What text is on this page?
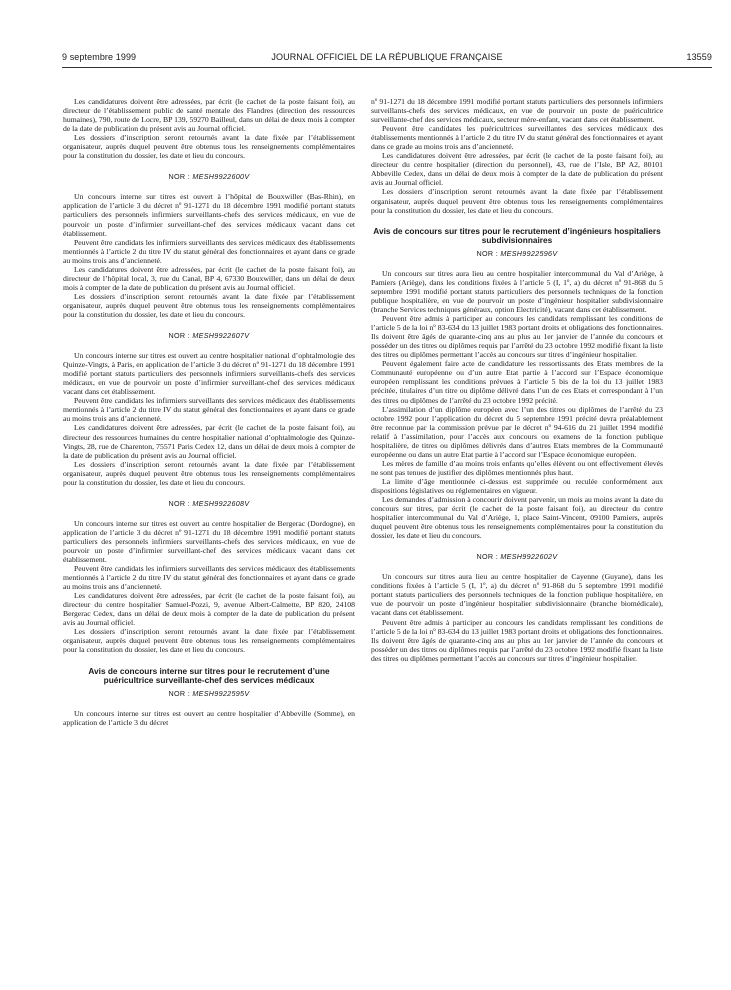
9 septembre 1999	JOURNAL OFFICIEL DE LA RÉPUBLIQUE FRANÇAISE	13559

Les candidatures doivent être adressées, par écrit (le cachet de la poste faisant foi), au directeur de l’établissement public de santé mentale des Flandres (direction des ressources humaines), 790, route de Locre, BP 139, 59270 Bailleul, dans un délai de deux mois à compter de la date de publication du présent avis au Journal officiel.

Les dossiers d’inscription seront retournés avant la date fixée par l’établissement organisateur, auprès duquel peuvent être obtenus tous les renseignements complémentaires pour la constitution du dossier, les date et lieu du concours.

NOR : MESH9922600V

Un concours interne sur titres est ouvert à l’hôpital de Bouxwiller (Bas-Rhin), en application de l’article 3 du décret nº 91-1271 du 18 décembre 1991 modifié portant statuts particuliers des personnels infirmiers surveillants-chefs des services médicaux, en vue de pourvoir un poste d’infirmier surveillant-chef des services médicaux vacant dans cet établissement.

Peuvent être candidats les infirmiers surveillants des services médicaux des établissements mentionnés à l’article 2 du titre IV du statut général des fonctionnaires et ayant dans ce grade au moins trois ans d’ancienneté.

Les candidatures doivent être adressées, par écrit (le cachet de la poste faisant foi), au directeur de l’hôpital local, 3, rue du Canal, BP 4, 67330 Bouxwiller, dans un délai de deux mois à compter de la date de publication du présent avis au Journal officiel.

Les dossiers d’inscription seront retournés avant la date fixée par l’établissement organisateur, auprès duquel peuvent être obtenus tous les renseignements complémentaires pour la constitution du dossier, les date et lieu du concours.

NOR : MESH9922607V

Un concours interne sur titres est ouvert au centre hospitalier national d’ophtalmologie des Quinze-Vingts, à Paris, en application de l’article 3 du décret nº 91-1271 du 18 décembre 1991 modifié portant statuts particuliers des personnels infirmiers surveillants-chefs des services médicaux, en vue de pourvoir un poste d’infirmier surveillant-chef des services médicaux vacant dans cet établissement.

Peuvent être candidats les infirmiers surveillants des services médicaux des établissements mentionnés à l’article 2 du titre IV du statut général des fonctionnaires et ayant dans ce grade au moins trois ans d’ancienneté.

Les candidatures doivent être adressées, par écrit (le cachet de la poste faisant foi), au directeur des ressources humaines du centre hospitalier national d’ophtalmologie des Quinze-Vingts, 28, rue de Charenton, 75571 Paris Cedex 12, dans un délai de deux mois à compter de la date de publication du présent avis au Journal officiel.

Les dossiers d’inscription seront retournés avant la date fixée par l’établissement organisateur, auprès duquel peuvent être obtenus tous les renseignements complémentaires pour la constitution du dossier, les date et lieu du concours.

NOR : MESH9922608V

Un concours interne sur titres est ouvert au centre hospitalier de Bergerac (Dordogne), en application de l’article 3 du décret nº 91-1271 du 18 décembre 1991 modifié portant statuts particuliers des personnels infirmiers surveillants-chefs des services médicaux, en vue de pourvoir un poste d’infirmier surveillant-chef des services médicaux vacant dans cet établissement.

Peuvent être candidats les infirmiers surveillants des services médicaux des établissements mentionnés à l’article 2 du titre IV du statut général des fonctionnaires et ayant dans ce grade au moins trois ans d’ancienneté.

Les candidatures doivent être adressées, par écrit (le cachet de la poste faisant foi), au directeur du centre hospitalier Samuel-Pozzi, 9, avenue Albert-Calmette, BP 820, 24108 Bergerac Cedex, dans un délai de deux mois à compter de la date de publication du présent avis au Journal officiel.

Les dossiers d’inscription seront retournés avant la date fixée par l’établissement organisateur, auprès duquel peuvent être obtenus tous les renseignements complémentaires pour la constitution du dossier, les date et lieu du concours.

Avis de concours interne sur titres pour le recrutement d’une puéricultrice surveillante-chef des services médicaux
NOR : MESH9922595V

Un concours interne sur titres est ouvert au centre hospitalier d’Abbeville (Somme), en application de l’article 3 du décret

nº 91-1271 du 18 décembre 1991 modifié portant statuts particuliers des personnels infirmiers surveillants-chefs des services médicaux, en vue de pourvoir un poste de puéricultrice surveillante-chef des services médicaux, secteur mère-enfant, vacant dans cet établissement.

Peuvent être candidates les puéricultrices surveillantes des services médicaux des établissements mentionnés à l’article 2 du titre IV du statut général des fonctionnaires et ayant dans ce grade au moins trois ans d’ancienneté.

Les candidatures doivent être adressées, par écrit (le cachet de la poste faisant foi), au directeur du centre hospitalier (direction du personnel), 43, rue de l’Isle, BP A2, 80101 Abbeville Cedex, dans un délai de deux mois à compter de la date de publication du présent avis au Journal officiel.

Les dossiers d’inscription seront retournés avant la date fixée par l’établissement organisateur, auprès duquel peuvent être obtenus tous les renseignements complémentaires pour la constitution du dossier, les date et lieu du concours.

Avis de concours sur titres pour le recrutement d’ingénieurs hospitaliers subdivisionnaires
NOR : MESH9922596V

Un concours sur titres aura lieu au centre hospitalier intercommunal du Val d’Ariège, à Pamiers (Ariège), dans les conditions fixées à l’article 5 (I, 1º, a) du décret nº 91-868 du 5 septembre 1991 modifié portant statuts particuliers des personnels techniques de la fonction publique hospitalière, en vue de pourvoir un poste d’ingénieur hospitalier subdivisionnaire (branche Services techniques généraux, option Electricité), vacant dans cet établissement.

Peuvent être admis à participer au concours les candidats remplissant les conditions de l’article 5 de la loi nº 83-634 du 13 juillet 1983 portant droits et obligations des fonctionnaires. Ils doivent être âgés de quarante-cinq ans au plus au 1er janvier de l’année du concours et posséder un des titres ou diplômes requis par l’arrêté du 23 octobre 1992 modifié fixant la liste des titres ou diplômes permettant l’accès au concours sur titres d’ingénieur hospitalier.

Peuvent également faire acte de candidature les ressortissants des Etats membres de la Communauté européenne ou d’un autre Etat partie à l’accord sur l’Espace économique européen remplissant les conditions prévues à l’article 5 bis de la loi du 13 juillet 1983 précitée, titulaires d’un titre ou diplôme délivré dans l’un de ces Etats et correspondant à l’un des titres ou diplômes de l’arrêté du 23 octobre 1992 précité.

L’assimilation d’un diplôme européen avec l’un des titres ou diplômes de l’arrêté du 23 octobre 1992 pour l’application du décret du 5 septembre 1991 précité devra préalablement être reconnue par la commission prévue par le décret nº 94-616 du 21 juillet 1994 modifié relatif à l’assimilation, pour l’accès aux concours ou examens de la fonction publique hospitalière, de titres ou diplômes délivrés dans d’autres Etats membres de la Communauté européenne ou dans un autre Etat partie à l’accord sur l’Espace économique européen.

Les mères de famille d’au moins trois enfants qu’elles élèvent ou ont effectivement élevés ne sont pas tenues de justifier des diplômes mentionnés plus haut.

La limite d’âge mentionnée ci-dessus est supprimée ou reculée conformément aux dispositions législatives ou réglementaires en vigueur.

Les demandes d’admission à concourir doivent parvenir, un mois au moins avant la date du concours sur titres, par écrit (le cachet de la poste faisant foi), au directeur du centre hospitalier intercommunal du Val d’Ariège, 1, place Saint-Vincent, 09100 Pamiers, auprès duquel peuvent être obtenus tous les renseignements complémentaires pour la constitution du dossier, les date et lieu du concours.

NOR : MESH9922602V

Un concours sur titres aura lieu au centre hospitalier de Cayenne (Guyane), dans les conditions fixées à l’article 5 (I, 1º, a) du décret nº 91-868 du 5 septembre 1991 modifié portant statuts particuliers des personnels techniques de la fonction publique hospitalière, en vue de pourvoir un poste d’ingénieur hospitalier subdivisionnaire (branche biomédicale), vacant dans cet établissement.

Peuvent être admis à participer au concours les candidats remplissant les conditions de l’article 5 de la loi nº 83-634 du 13 juillet 1983 portant droits et obligations des fonctionnaires. Ils doivent être âgés de quarante-cinq ans au plus au 1er janvier de l’année du concours et posséder un des titres ou diplômes requis par l’arrêté du 23 octobre 1992 modifié fixant la liste des titres ou diplômes permettant l’accès au concours sur titres d’ingénieur hospitalier.
